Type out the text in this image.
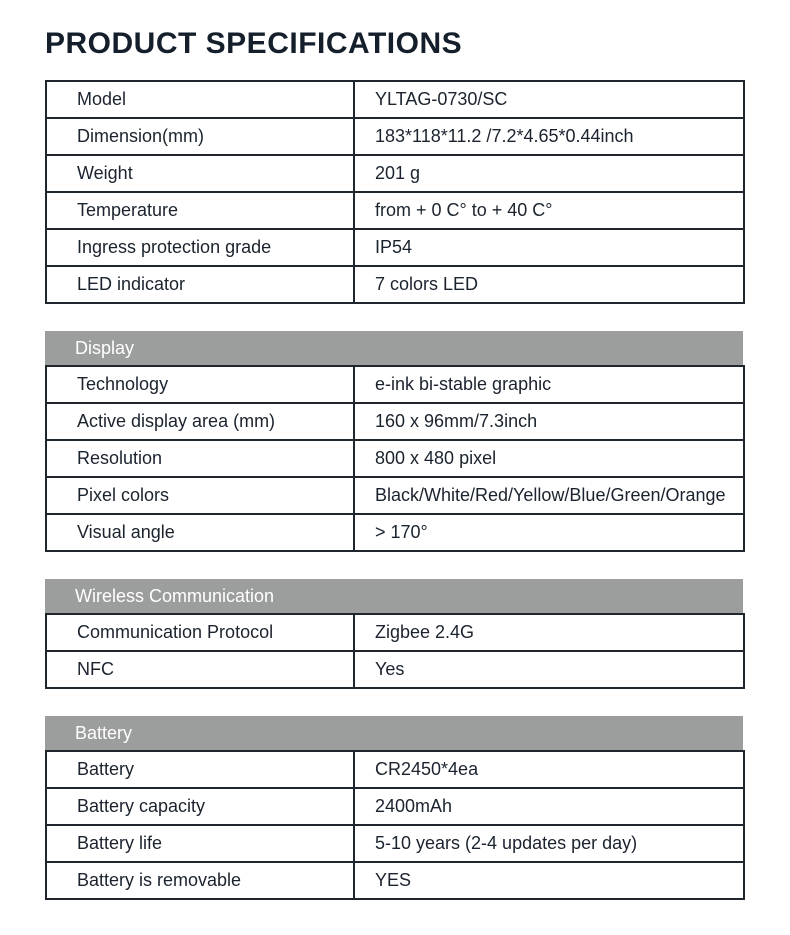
PRODUCT SPECIFICATIONS
Model	YLTAG-0730/SC
Dimension(mm)	183*118*11.2 /7.2*4.65*0.44inch
Weight	201 g
Temperature	from + 0 C° to + 40 C°
Ingress protection grade	IP54
LED indicator	7 colors LED
Display
Technology	e-ink bi-stable graphic
Active display area (mm)	160 x 96mm/7.3inch
Resolution	800 x 480 pixel
Pixel colors	Black/White/Red/Yellow/Blue/Green/Orange
Visual angle	> 170°
Wireless Communication
Communication Protocol	Zigbee 2.4G
NFC	Yes
Battery
Battery	CR2450*4ea
Battery capacity	2400mAh
Battery life	5-10 years (2-4 updates per day)
Battery is removable	YES
